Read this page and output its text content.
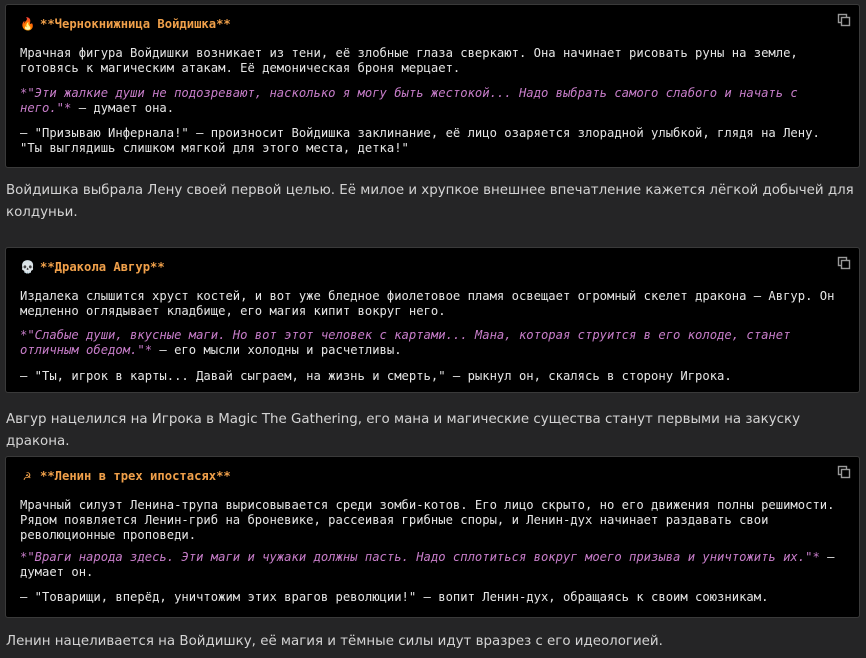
🔥 **Чернокнижница Войдишка**

Мрачная фигура Войдишки возникает из тени, её злобные глаза сверкают. Она начинает рисовать руны на земле, готовясь к магическим атакам. Её демоническая броня мерцает.

*"Эти жалкие души не подозревают, насколько я могу быть жестокой... Надо выбрать самого слабого и начать с него."* — думает она.

— "Призываю Инфернала!" — произносит Войдишка заклинание, её лицо озаряется злорадной улыбкой, глядя на Лену. "Ты выглядишь слишком мягкой для этого места, детка!"

Войдишка выбрала Лену своей первой целью. Её милое и хрупкое внешнее впечатление кажется лёгкой добычей для колдуньи.
💀 **Дракола Авгур**

Издалека слышится хруст костей, и вот уже бледное фиолетовое пламя освещает огромный скелет дракона — Авгур. Он медленно оглядывает кладбище, его магия кипит вокруг него.

*"Слабые души, вкусные маги. Но вот этот человек с картами... Мана, которая струится в его колоде, станет отличным обедом."* — его мысли холодны и расчетливы.

— "Ты, игрок в карты... Давай сыграем, на жизнь и смерть," — рыкнул он, скалясь в сторону Игрока.

Авгур нацелился на Игрока в Magic The Gathering, его мана и магические существа станут первыми на закуску дракона.
☭ **Ленин в трех ипостасях**

Мрачный силуэт Ленина-трупа вырисовывается среди зомби-котов. Его лицо скрыто, но его движения полны решимости. Рядом появляется Ленин-гриб на броневике, рассеивая грибные споры, и Ленин-дух начинает раздавать свои революционные проповеди.

*"Враги народа здесь. Эти маги и чужаки должны пасть. Надо сплотиться вокруг моего призыва и уничтожить их."* — думает он.

— "Товарищи, вперёд, уничтожим этих врагов революции!" — вопит Ленин-дух, обращаясь к своим союзникам.

Ленин нацеливается на Войдишку, её магия и тёмные силы идут вразрез с его идеологией.
